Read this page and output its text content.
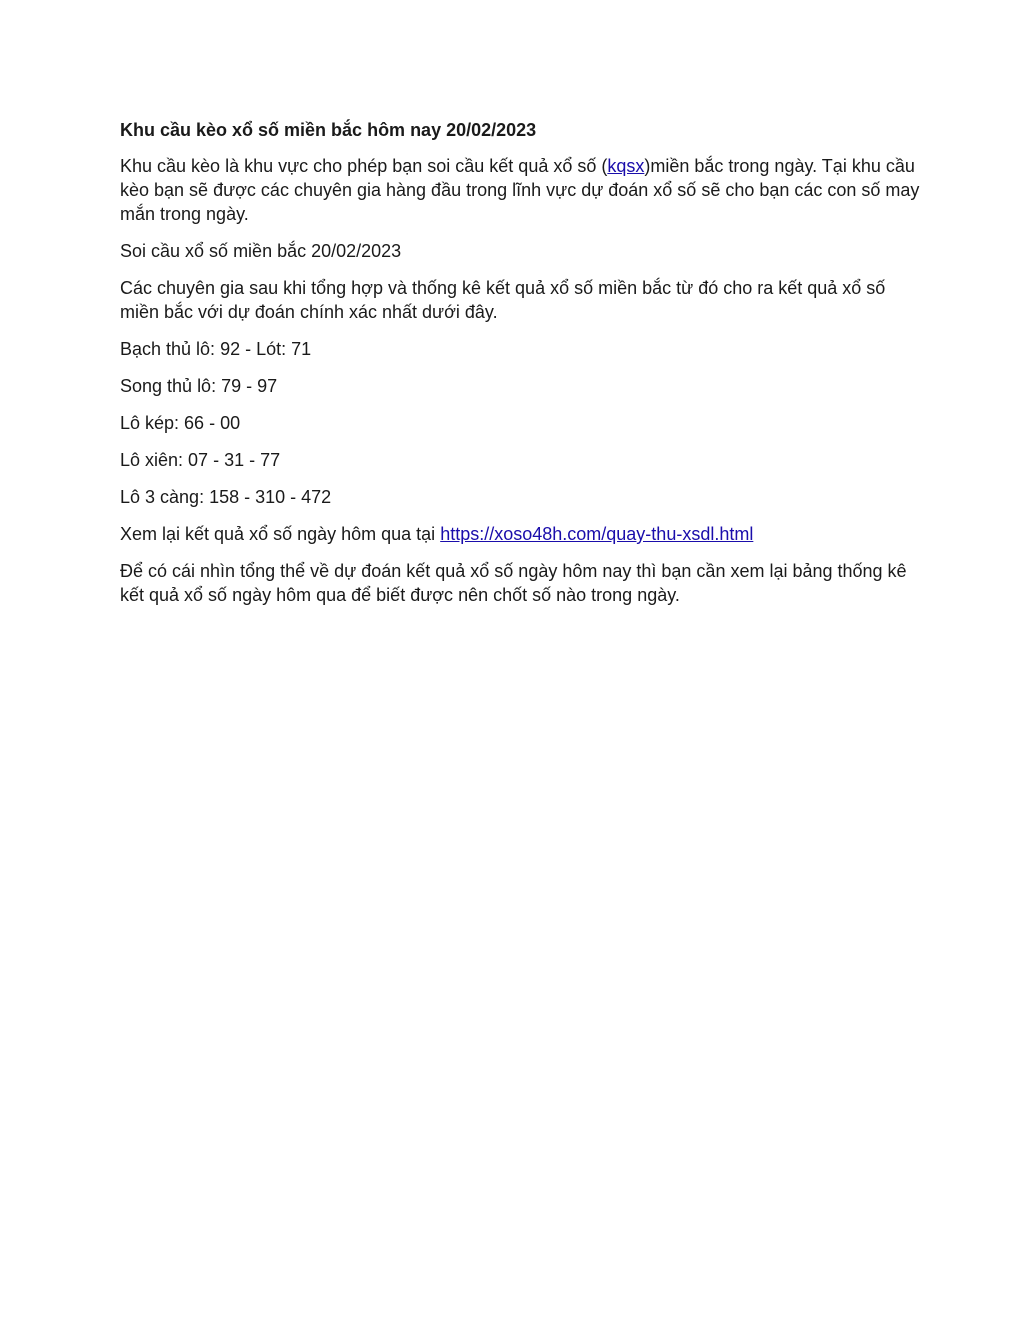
Khu cầu kèo xổ số miền bắc hôm nay 20/02/2023

Khu cầu kèo là khu vực cho phép bạn soi cầu kết quả xổ số (kqsx)miền bắc trong ngày. Tại khu cầu kèo bạn sẽ được các chuyên gia hàng đầu trong lĩnh vực dự đoán xổ số sẽ cho bạn các con số may mắn trong ngày.

Soi cầu xổ số miền bắc 20/02/2023

Các chuyên gia sau khi tổng hợp và thống kê kết quả xổ số miền bắc từ đó cho ra kết quả xổ số miền bắc với dự đoán chính xác nhất dưới đây.

Bạch thủ lô: 92 - Lót: 71

Song thủ lô: 79 - 97

Lô kép: 66 - 00

Lô xiên: 07 - 31 - 77

Lô 3 càng: 158 - 310 - 472

Xem lại kết quả xổ số ngày hôm qua tại https://xoso48h.com/quay-thu-xsdl.html

Để có cái nhìn tổng thể về dự đoán kết quả xổ số ngày hôm nay thì bạn cần xem lại bảng thống kê kết quả xổ số ngày hôm qua để biết được nên chốt số nào trong ngày.
